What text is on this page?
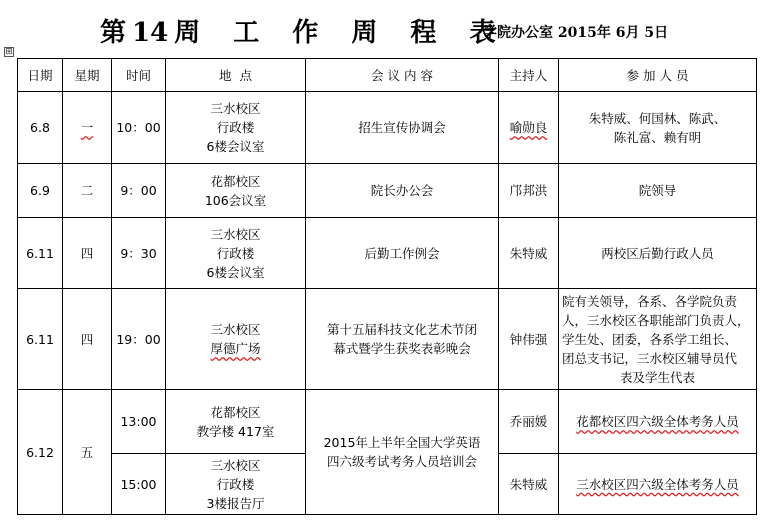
第14 周 工 作 周 程 表
学院办公室 2015年 6月 5日
⊞
日期	星期	时间	地  点	会 议 内 容	主持人	参 加 人 员
6.8	一	10：00	三水校区
行政楼
6楼会议室	招生宣传协调会	喻勋良	朱特威、何国林、陈武、
陈礼富、赖有明

6.9	二	9：00	花都校区
106会议室	院长办公会	邝邦洪	院领导
6.11	四	9：30	三水校区
行政楼
6楼会议室	后勤工作例会	朱特威	两校区后勤行政人员
6.11	四	19：00	三水校区
厚德广场	第十五届科技文化艺术节闭
幕式暨学生获奖表彰晚会	钟伟强	院有关领导，各系、各学院负责
人，三水校区各职能部门负责人，
学生处、团委，各系学工组长、
团总支书记，三水校区辅导员代
表及学生代表

6.12	五	13:00	花都校区
教学楼 417室	2015年上半年全国大学英语
四六级考试考务人员培训会	乔丽媛	花都校区四六级全体考务人员
		15:00	三水校区
行政楼
3楼报告厅		朱特威	三水校区四六级全体考务人员
